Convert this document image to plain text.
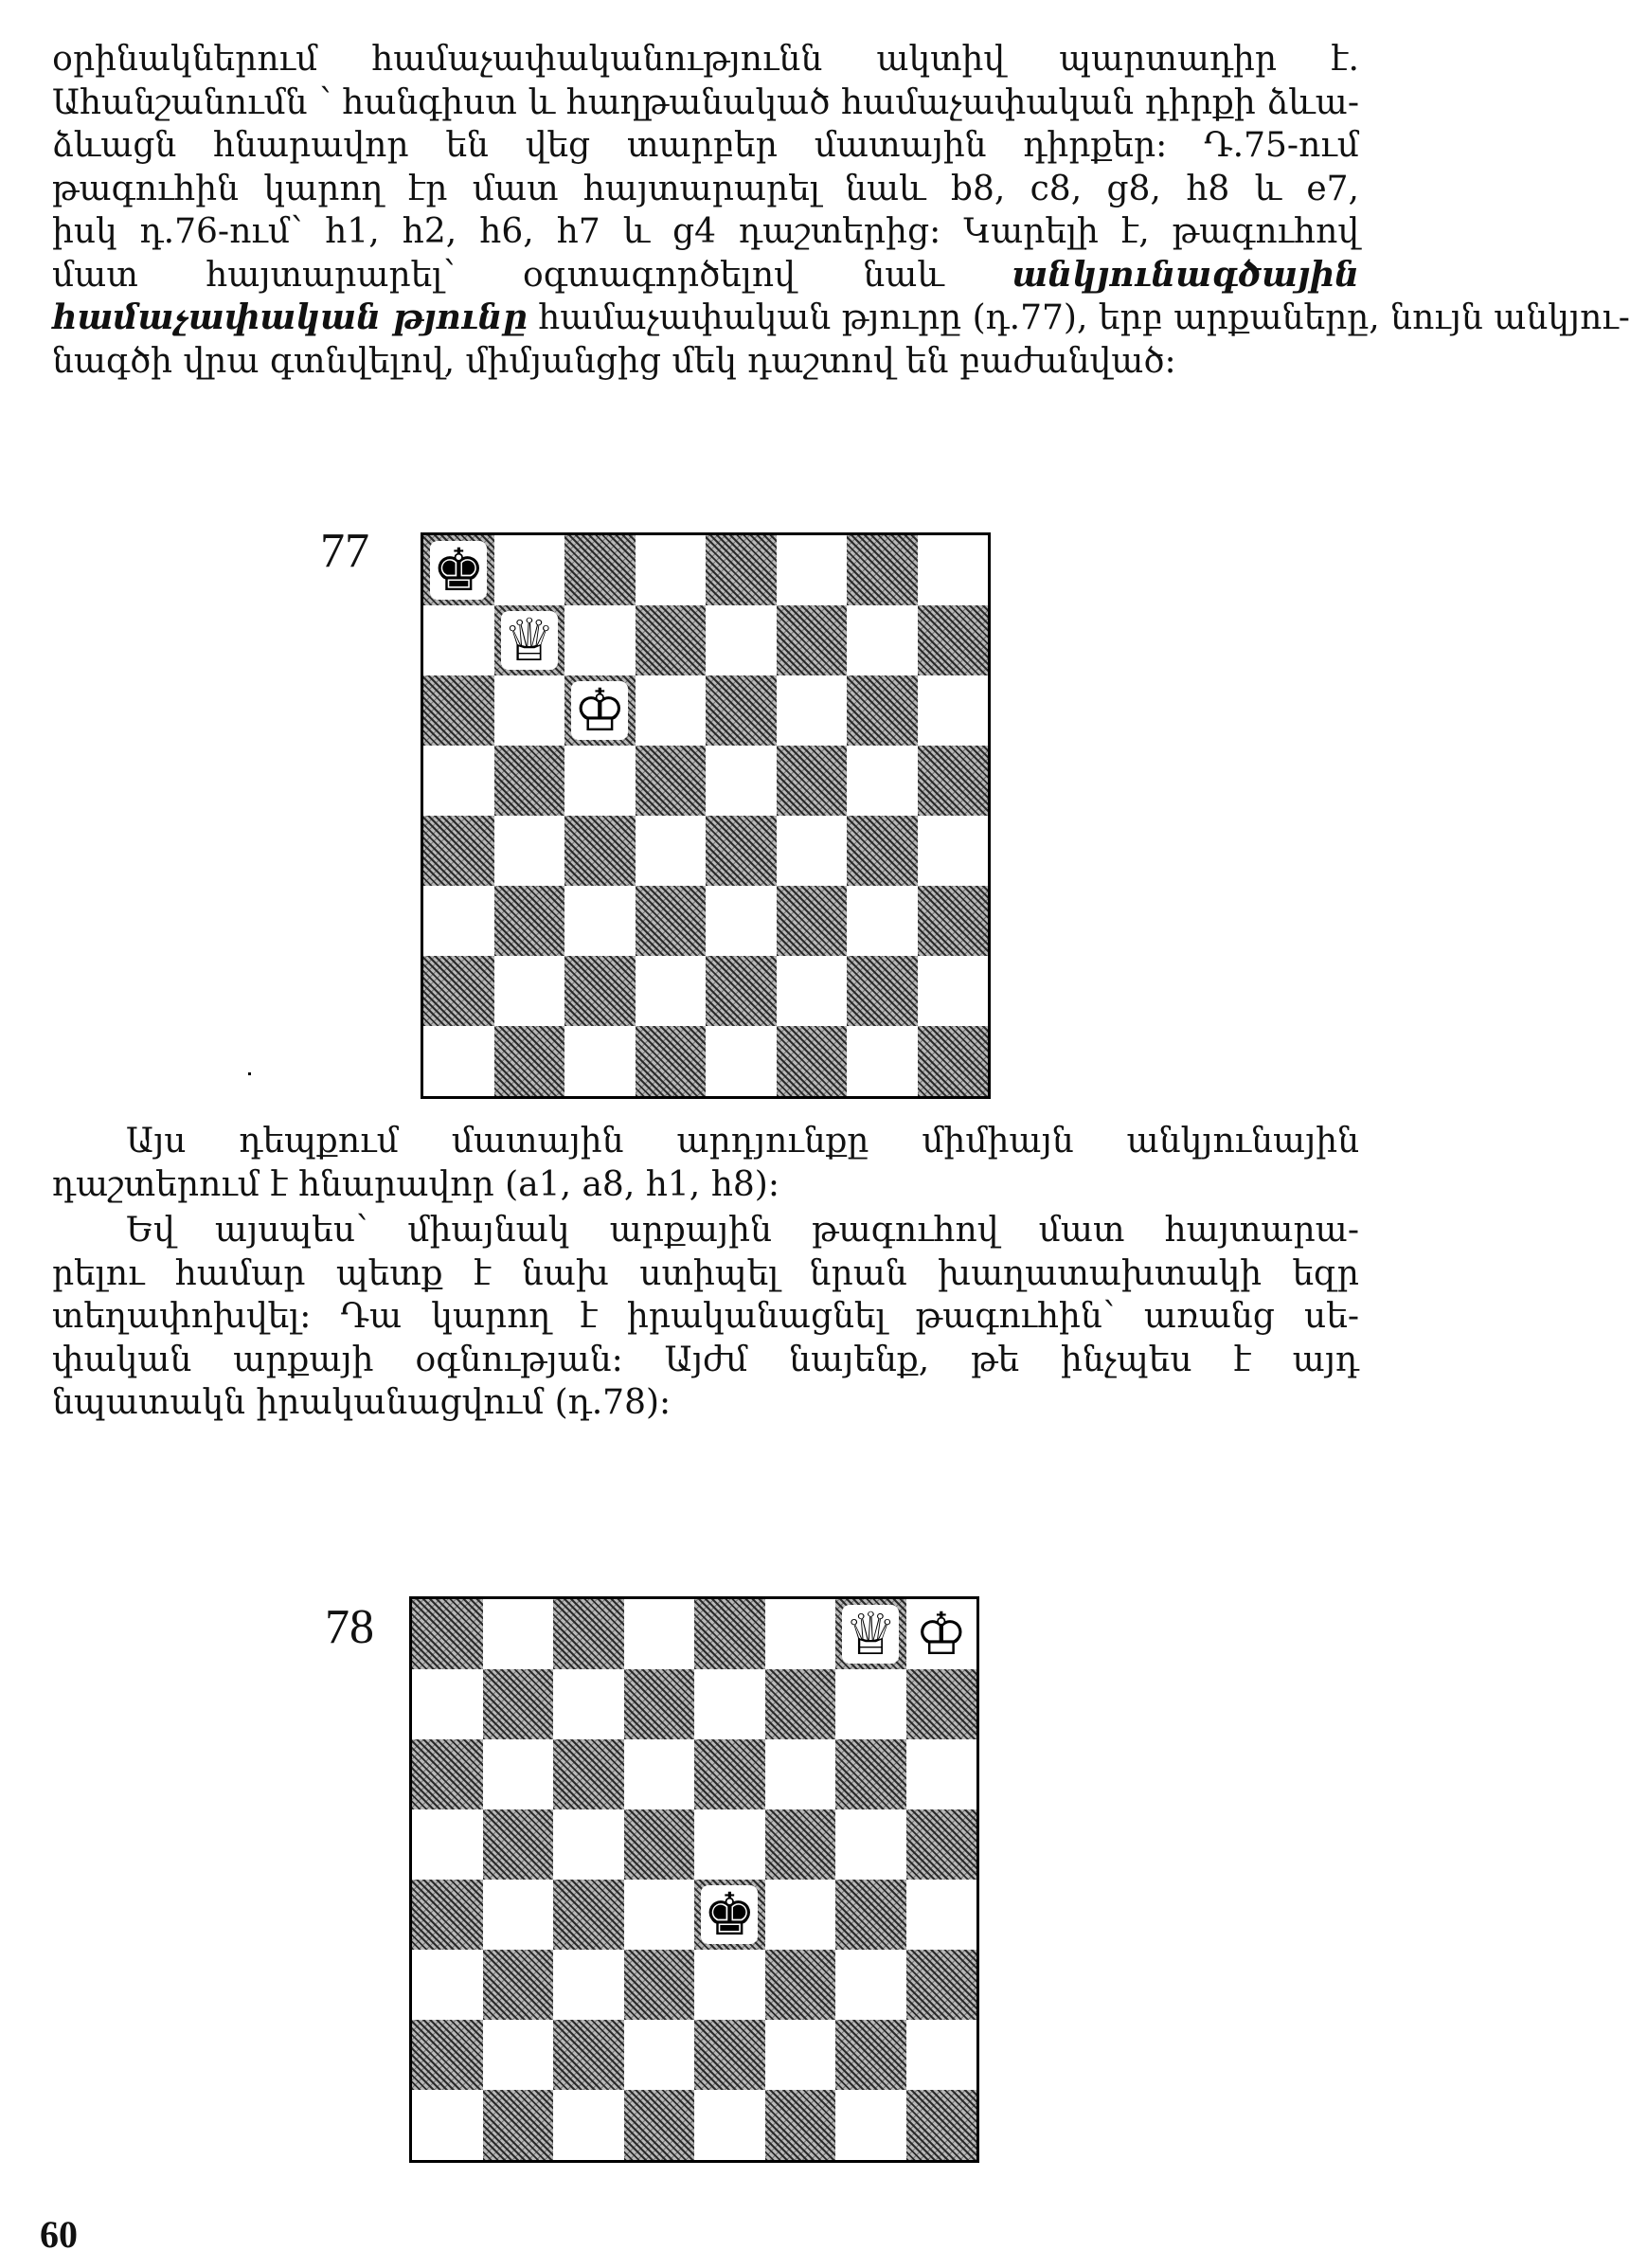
օրինակներում համաչափականությունն ակտիվ պարտադիր է.
Ահանշանումն ՝ հանգիստ և հաղթանակած համաչափական դիրքի ձևա-
ձևացն հնարավոր են վեց տարբեր մատային դիրքեր: Դ.75-ում
թագուհին կարող էր մատ հայտարարել նաև b8, c8, g8, h8 և e7,
իսկ դ.76-ում՝ h1, h2, h6, h7 և g4 դաշտերից: Կարելի է, թագուհով
մատ հայտարարել՝ օգտագործելով նաև անկյունագծային
համաչափական թյունը համաչափական թյուրը (դ.77), երբ արքաները, նույն անկյու-
նագծի վրա գտնվելով, միմյանցից մեկ դաշտով են բաժանված:
77 ♚
♕
♔
Այս դեպքում մատային արդյունքը միմիայն անկյունային
դաշտերում է հնարավոր (a1, a8, h1, h8):
Եվ այսպես՝ միայնակ արքային թագուհով մատ հայտարա-
րելու համար պետք է նախ ստիպել նրան խաղատախտակի եզր
տեղափոխվել: Դա կարող է իրականացնել թագուհին՝ առանց սե-
փական արքայի օգնության: Այժմ նայենք, թե ինչպես է այդ
նպատակն իրականացվում (դ.78):
78	♕ ♔
♚
60
